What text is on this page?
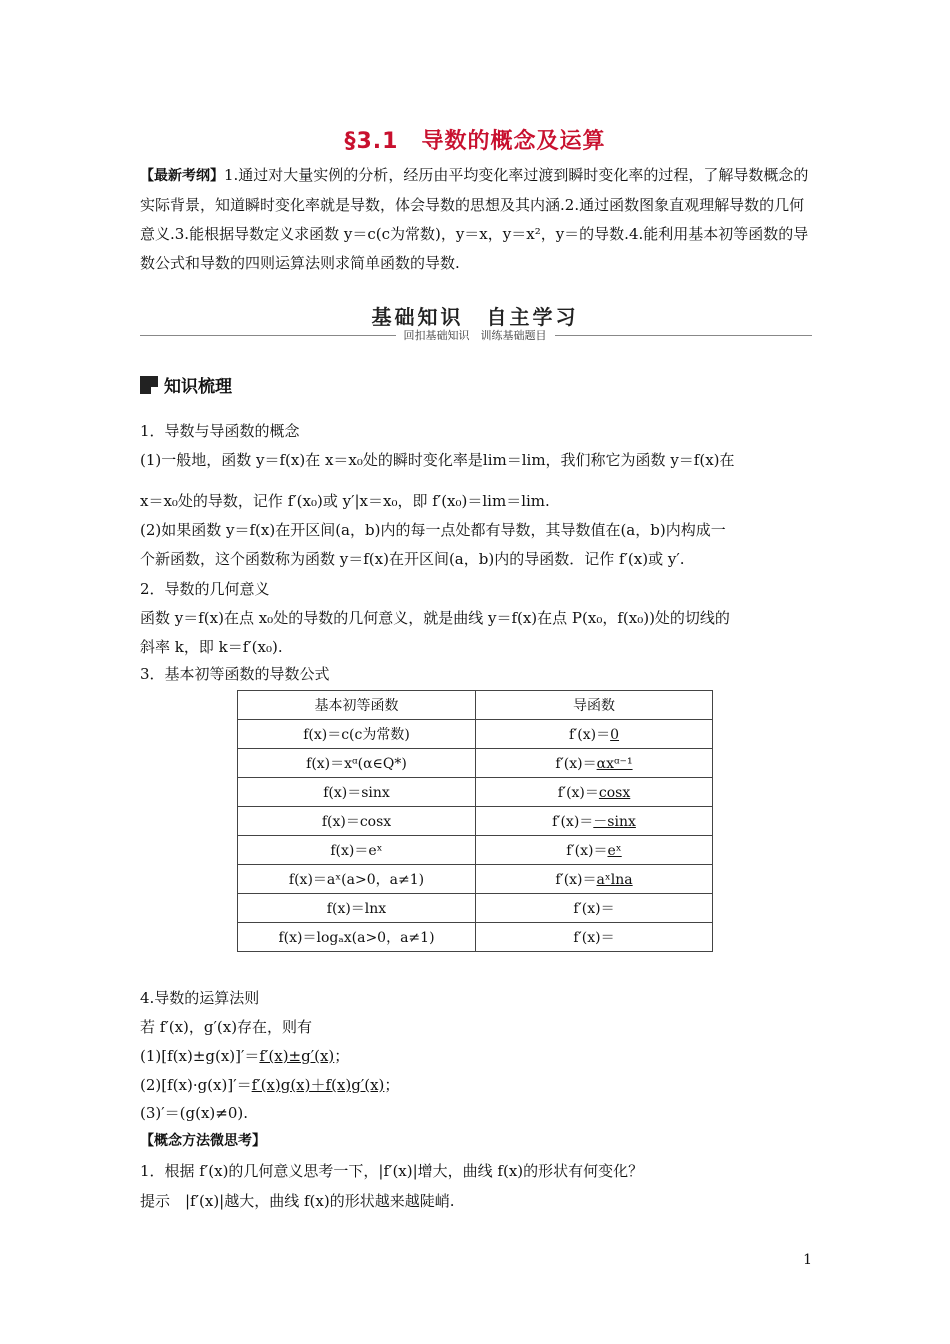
§3.1　导数的概念及运算
【最新考纲】1.通过对大量实例的分析，经历由平均变化率过渡到瞬时变化率的过程，了解导数概念的实际背景，知道瞬时变化率就是导数，体会导数的思想及其内涵.2.通过函数图象直观理解导数的几何意义.3.能根据导数定义求函数 y＝c(c为常数)，y＝x，y＝x²，y＝的导数.4.能利用基本初等函数的导数公式和导数的四则运算法则求简单函数的导数.
基础知识　自主学习
回扣基础知识　训练基础题目
知识梳理
1．导数与导函数的概念
(1)一般地，函数 y＝f(x)在 x＝x₀处的瞬时变化率是lim＝lim，我们称它为函数 y＝f(x)在
x＝x₀处的导数，记作 f′(x₀)或 y′|x＝x₀，即 f′(x₀)＝lim＝lim.
(2)如果函数 y＝f(x)在开区间(a，b)内的每一点处都有导数，其导数值在(a，b)内构成一
个新函数，这个函数称为函数 y＝f(x)在开区间(a，b)内的导函数．记作 f′(x)或 y′.
2．导数的几何意义
函数 y＝f(x)在点 x₀处的导数的几何意义，就是曲线 y＝f(x)在点 P(x₀，f(x₀))处的切线的
斜率 k，即 k＝f′(x₀).
3．基本初等函数的导数公式
基本初等函数	导函数
f(x)＝c(c为常数)	f′(x)＝0
f(x)＝xᵅ(α∈Q*)	f′(x)＝αxᵅ⁻¹
f(x)＝sinx	f′(x)＝cosx
f(x)＝cosx	f′(x)＝－sinx
f(x)＝eˣ	f′(x)＝eˣ
f(x)＝aˣ(a>0，a≠1)	f′(x)＝aˣlna
f(x)＝lnx	f′(x)＝
f(x)＝logₐx(a>0，a≠1)	f′(x)＝
4.导数的运算法则
若 f′(x)，g′(x)存在，则有
(1)[f(x)±g(x)]′＝f′(x)±g′(x)；
(2)[f(x)·g(x)]′＝f′(x)g(x)＋f(x)g′(x)；
(3)′＝(g(x)≠0).
【概念方法微思考】
1．根据 f′(x)的几何意义思考一下，|f′(x)|增大，曲线 f(x)的形状有何变化？
提示　|f′(x)|越大，曲线 f(x)的形状越来越陡峭.
1
